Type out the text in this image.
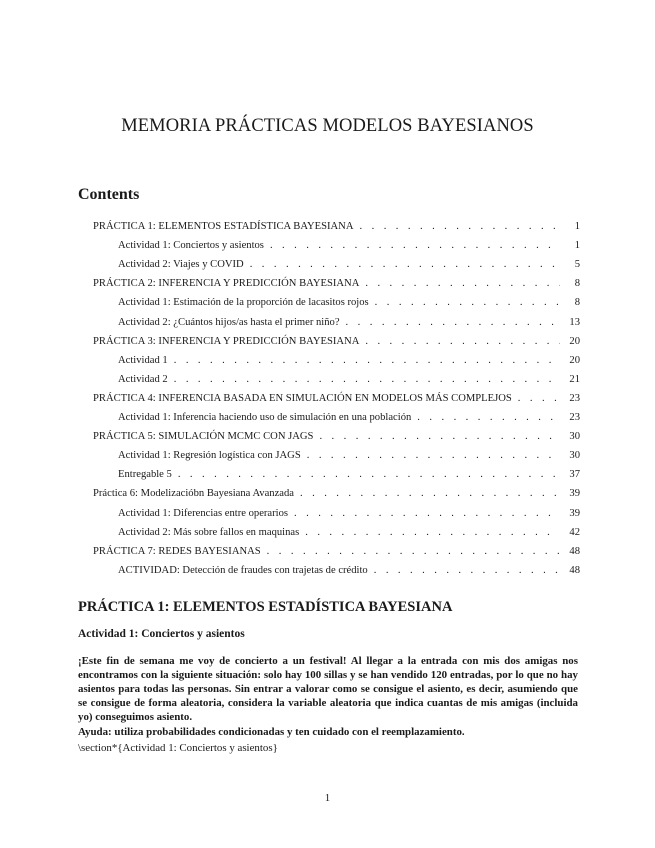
MEMORIA PRÁCTICAS MODELOS BAYESIANOS
Contents
PRÁCTICA 1: ELEMENTOS ESTADÍSTICA BAYESIANA . . .	1
Actividad 1: Conciertos y asientos . . .	1
Actividad 2: Viajes y COVID . . .	5
PRÁCTICA 2: INFERENCIA Y PREDICCIÓN BAYESIANA . . .	8
Actividad 1: Estimación de la proporción de lacasitos rojos . . .	8
Actividad 2: ¿Cuántos hijos/as hasta el primer niño? . . .	13
PRÁCTICA 3: INFERENCIA Y PREDICCIÓN BAYESIANA . . .	20
Actividad 1 . . .	20
Actividad 2 . . .	21
PRÁCTICA 4: INFERENCIA BASADA EN SIMULACIÓN EN MODELOS MÁS COMPLEJOS . . .	23
Actividad 1: Inferencia haciendo uso de simulación en una población . . .	23
PRÁCTICA 5: SIMULACIÓN MCMC CON JAGS . . .	30
Actividad 1: Regresión logística con JAGS . . .	30
Entregable 5 . . .	37
Práctica 6: Modelizacióbn Bayesiana Avanzada . . .	39
Actividad 1: Diferencias entre operarios . . .	39
Actividad 2: Más sobre fallos en maquinas . . .	42
PRÁCTICA 7: REDES BAYESIANAS . . .	48
ACTIVIDAD: Detección de fraudes con trajetas de crédito . . .	48
PRÁCTICA 1: ELEMENTOS ESTADÍSTICA BAYESIANA
Actividad 1: Conciertos y asientos
¡Este fin de semana me voy de concierto a un festival! Al llegar a la entrada con mis dos amigas nos encontramos con la siguiente situación: solo hay 100 sillas y se han vendido 120 entradas, por lo que no hay asientos para todas las personas. Sin entrar a valorar como se consigue el asiento, es decir, asumiendo que se consigue de forma aleatoria, considera la variable aleatoria que indica cuantas de mis amigas (incluida yo) conseguimos asiento.
Ayuda: utiliza probabilidades condicionadas y ten cuidado con el reemplazamiento.
\section*{Actividad 1: Conciertos y asientos}
1
